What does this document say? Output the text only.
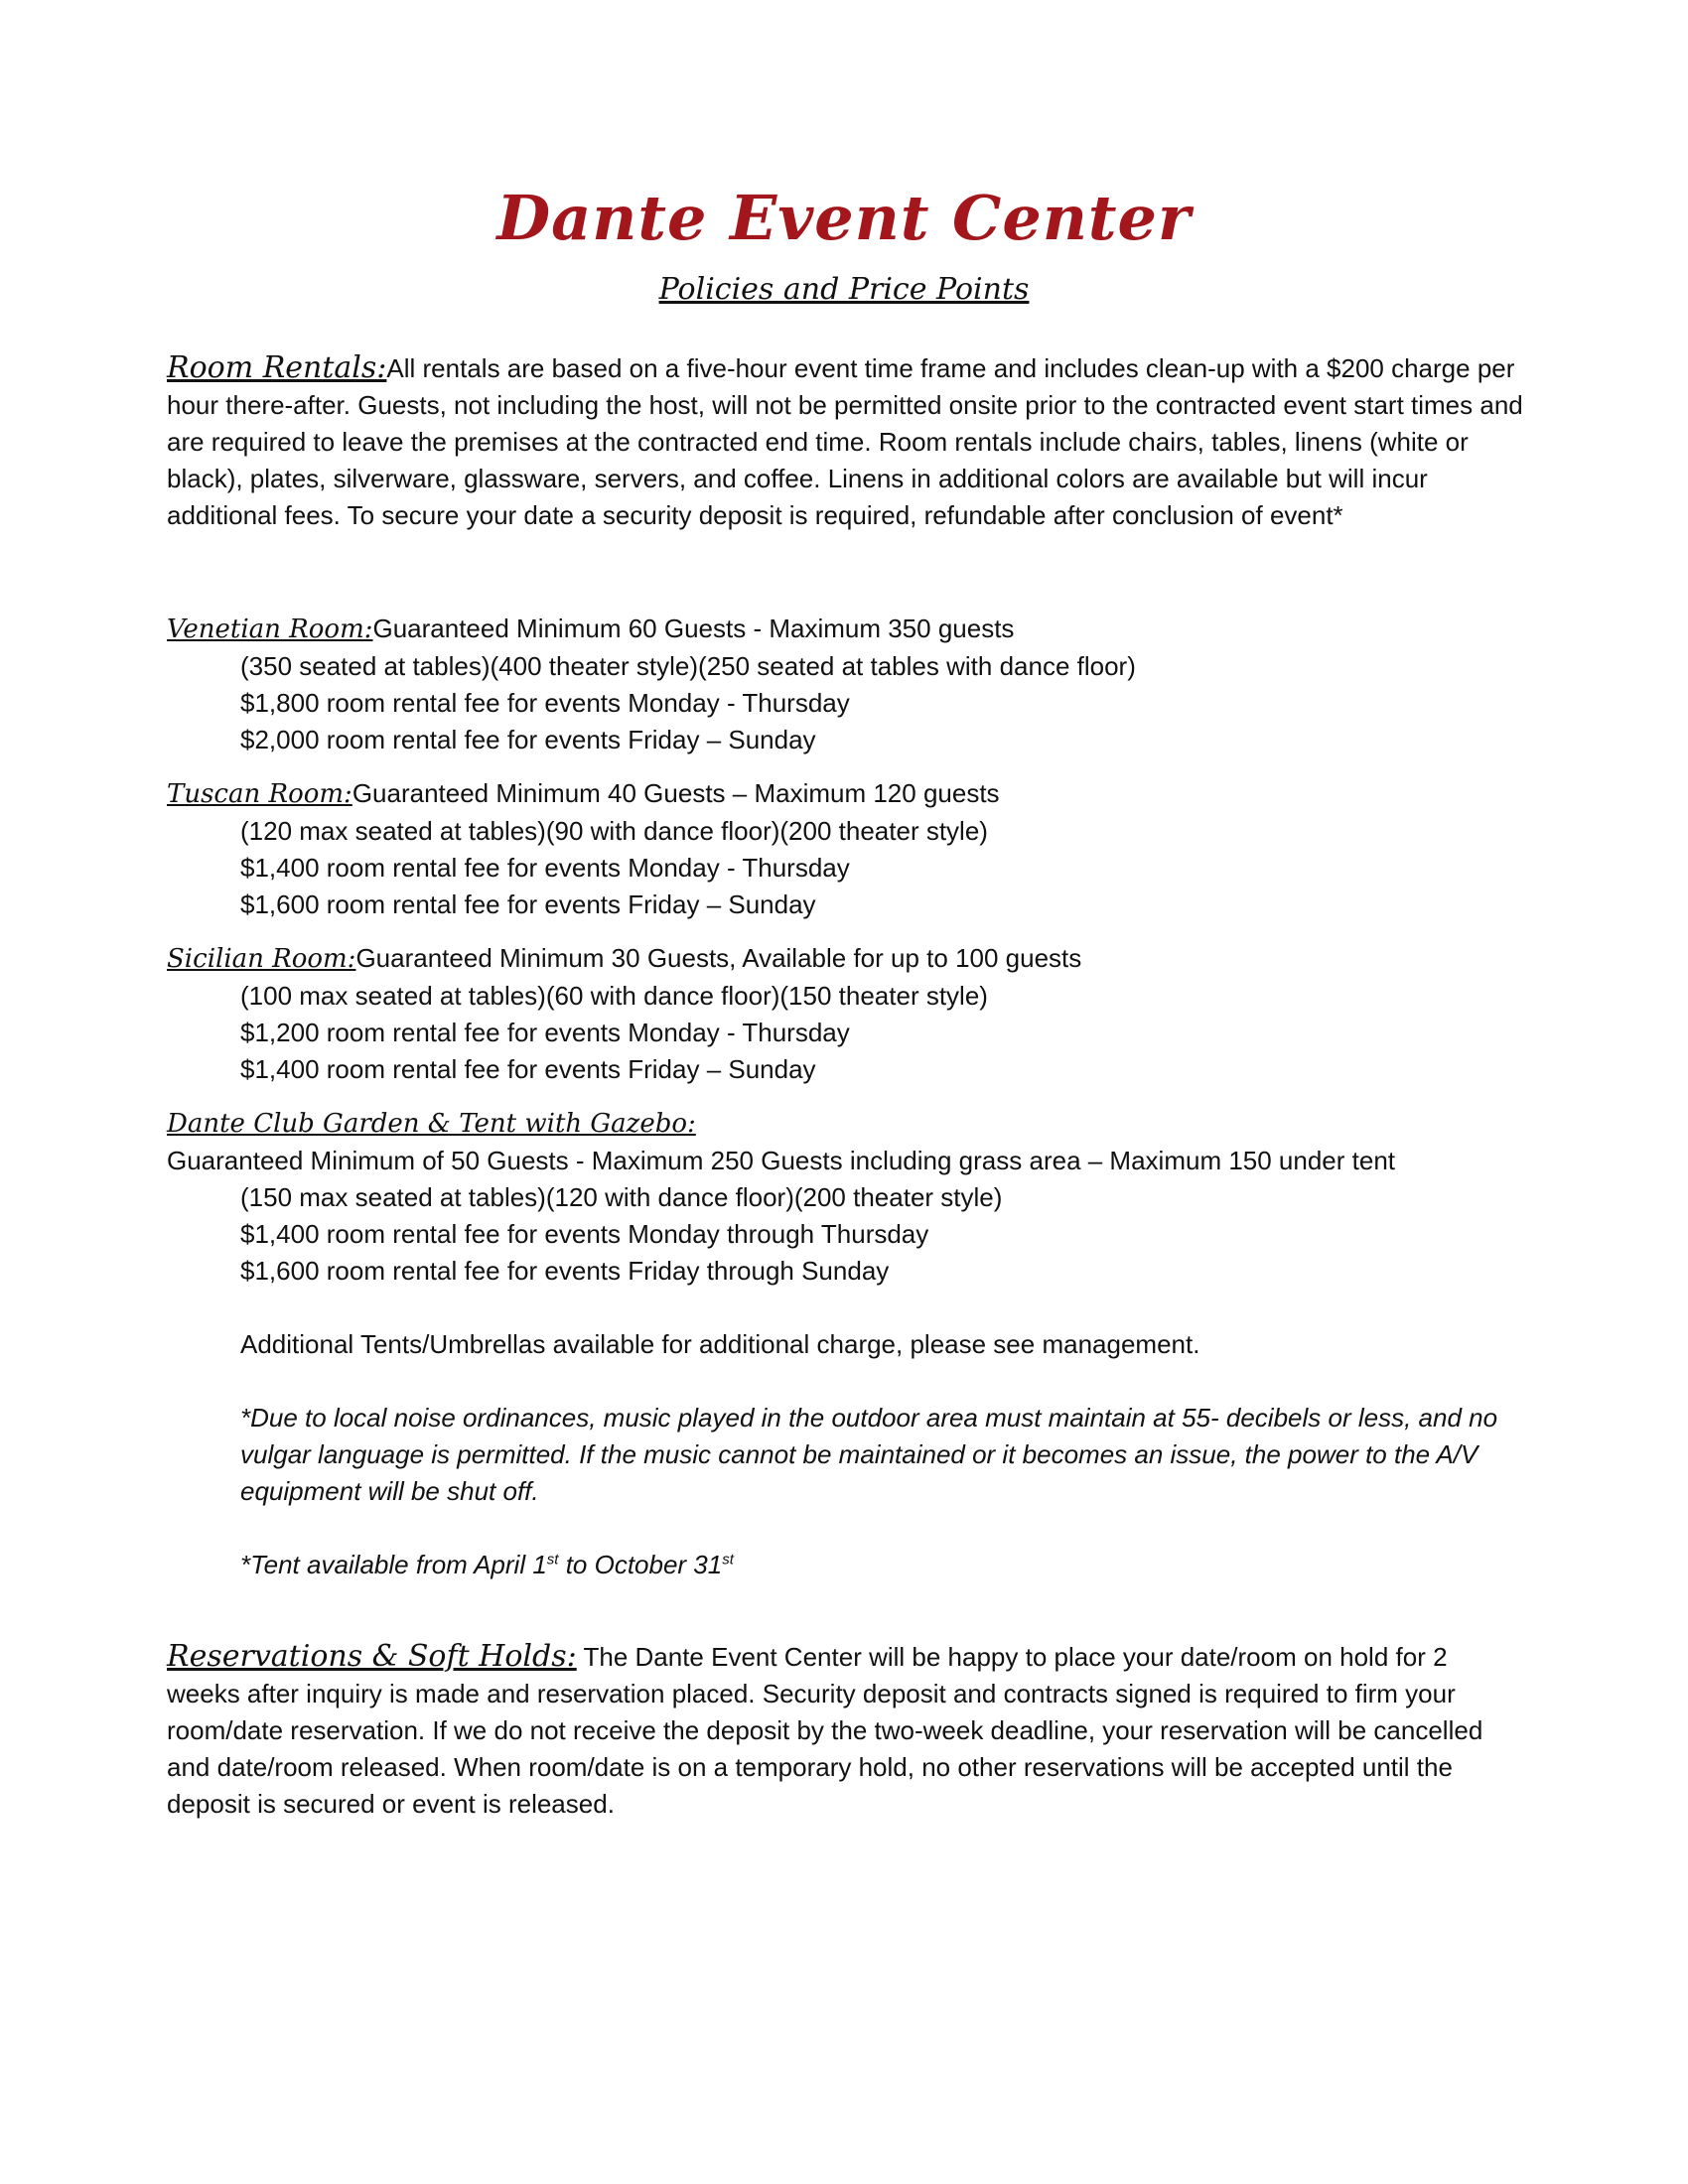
Dante Event Center
Policies and Price Points

Room Rentals:All rentals are based on a five-hour event time frame and includes clean-up with a $200 charge per hour there-after. Guests, not including the host, will not be permitted onsite prior to the contracted event start times and are required to leave the premises at the contracted end time. Room rentals include chairs, tables, linens (white or black), plates, silverware, glassware, servers, and coffee. Linens in additional colors are available but will incur additional fees. To secure your date a security deposit is required, refundable after conclusion of event*

Venetian Room:Guaranteed Minimum 60 Guests - Maximum 350 guests

(350 seated at tables)(400 theater style)(250 seated at tables with dance floor)

$1,800 room rental fee for events Monday - Thursday

$2,000 room rental fee for events Friday – Sunday

Tuscan Room:Guaranteed Minimum 40 Guests – Maximum 120 guests

(120 max seated at tables)(90 with dance floor)(200 theater style)

$1,400 room rental fee for events Monday - Thursday

$1,600 room rental fee for events Friday – Sunday

Sicilian Room:Guaranteed Minimum 30 Guests, Available for up to 100 guests

(100 max seated at tables)(60 with dance floor)(150 theater style)

$1,200 room rental fee for events Monday - Thursday

$1,400 room rental fee for events Friday – Sunday

Dante Club Garden & Tent with Gazebo:

Guaranteed Minimum of 50 Guests - Maximum 250 Guests including grass area – Maximum 150 under tent

(150 max seated at tables)(120 with dance floor)(200 theater style)

$1,400 room rental fee for events Monday through Thursday

$1,600 room rental fee for events Friday through Sunday

Additional Tents/Umbrellas available for additional charge, please see management.

*Due to local noise ordinances, music played in the outdoor area must maintain at 55- decibels or less, and no vulgar language is permitted. If the music cannot be maintained or it becomes an issue, the power to the A/V equipment will be shut off.

*Tent available from April 1st to October 31st

Reservations & Soft Holds: The Dante Event Center will be happy to place your date/room on hold for 2 weeks after inquiry is made and reservation placed. Security deposit and contracts signed is required to firm your room/date reservation. If we do not receive the deposit by the two-week deadline, your reservation will be cancelled and date/room released. When room/date is on a temporary hold, no other reservations will be accepted until the deposit is secured or event is released.
